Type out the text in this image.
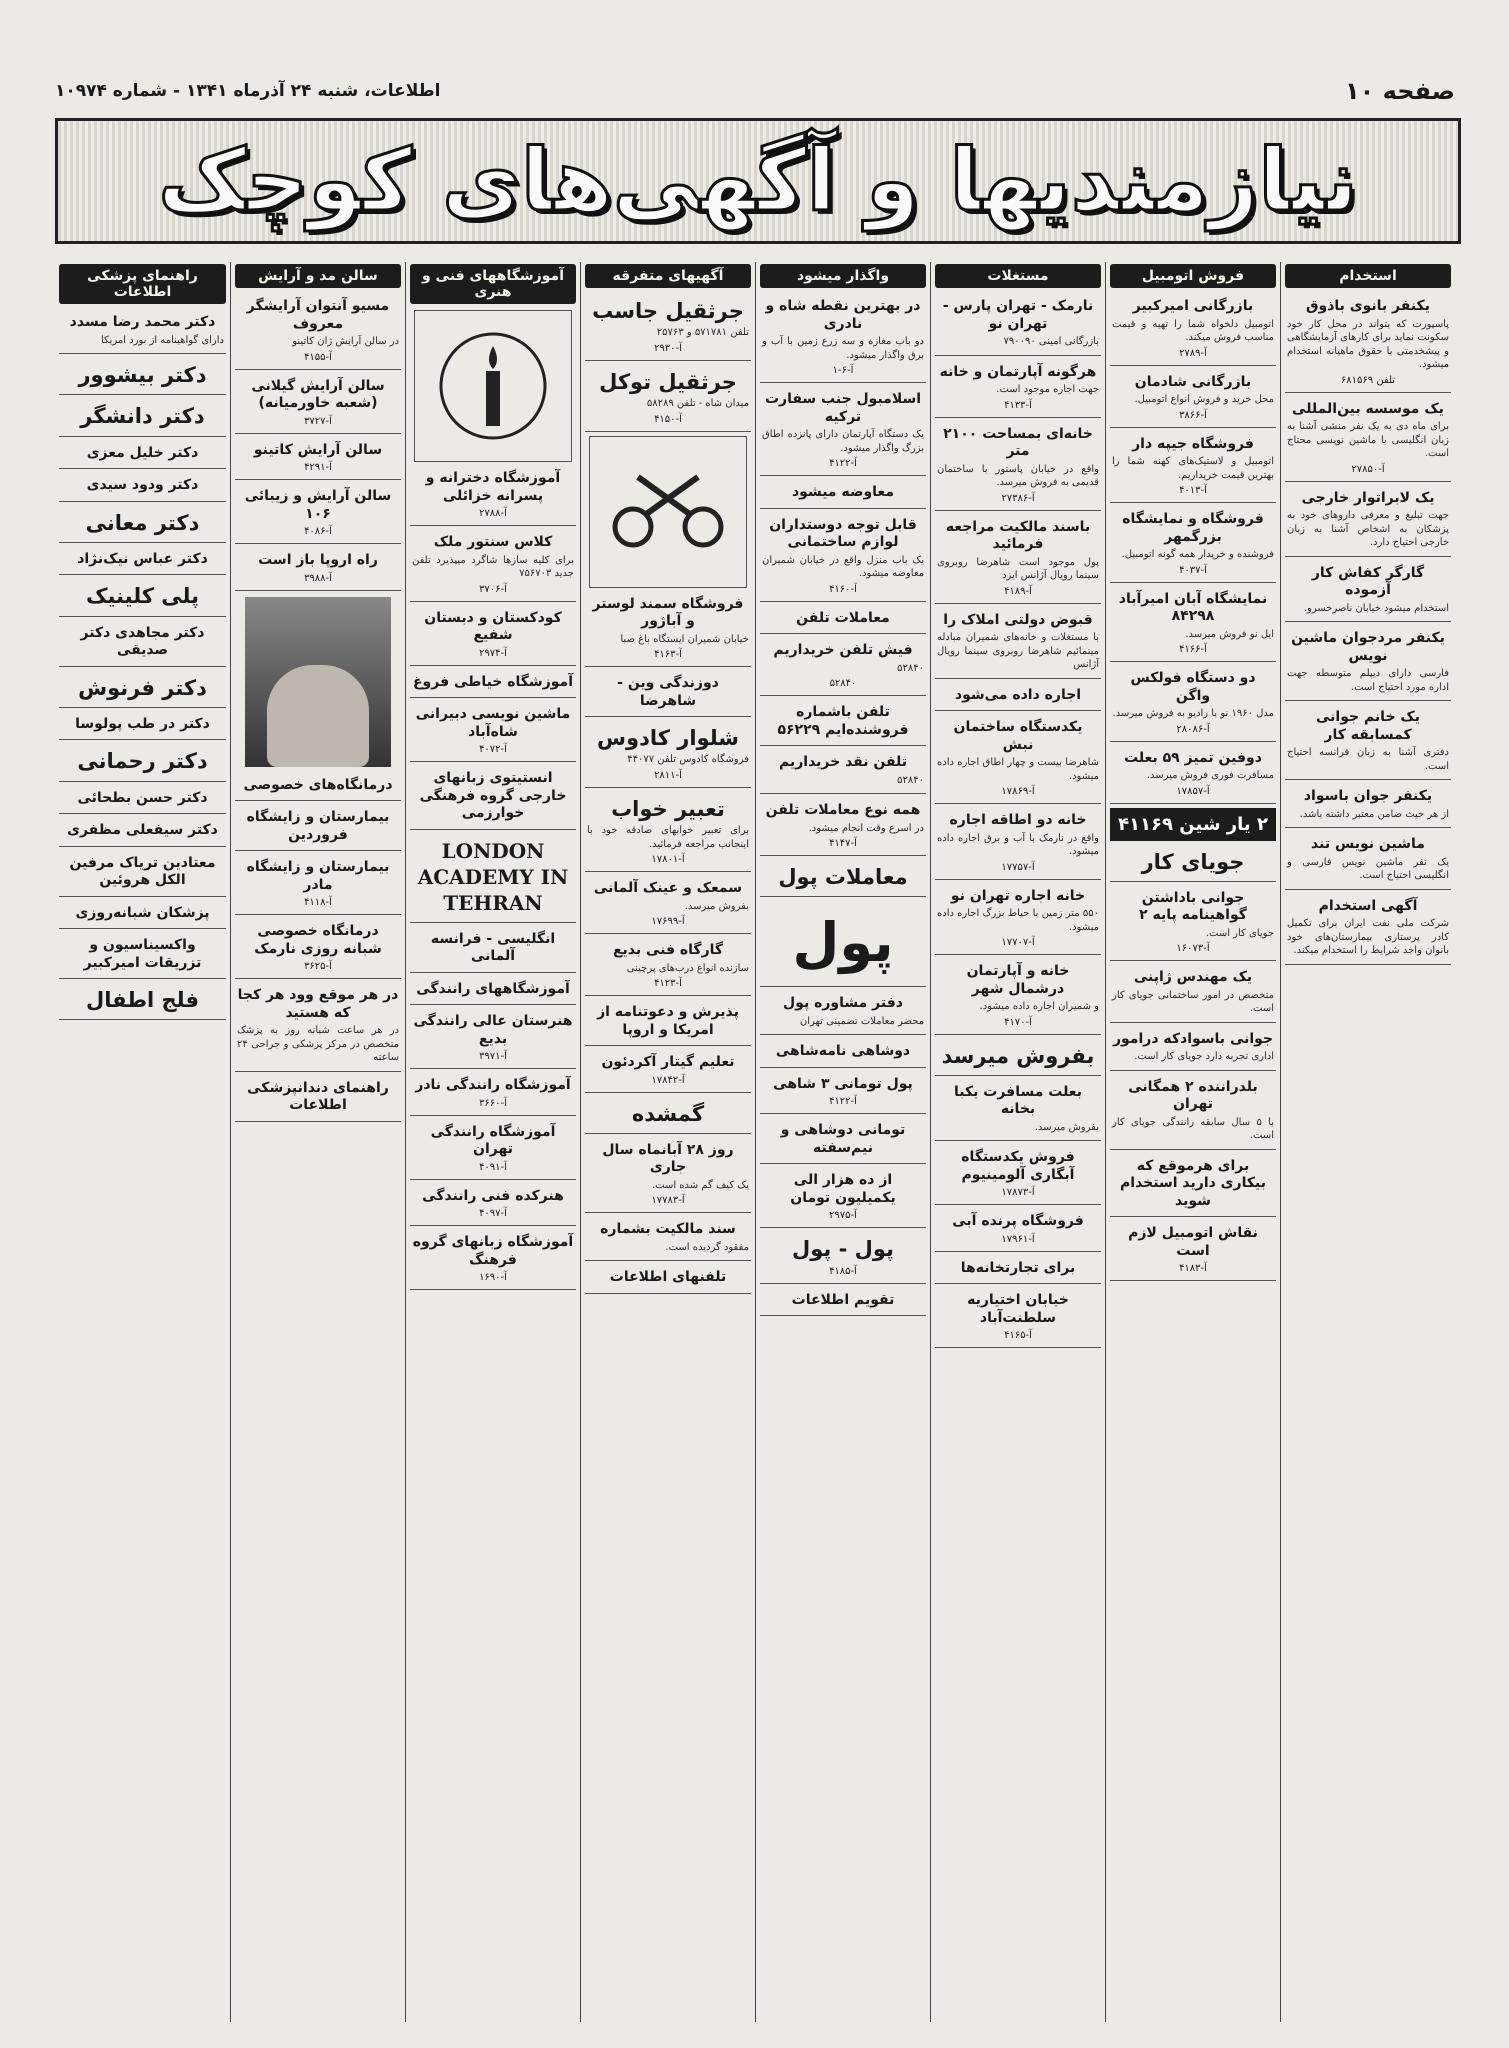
صفحه ۱۰
اطلاعات، شنبه ۲۴ آذرماه ۱۳۴۱ - شماره ۱۰۹۷۴
نیازمندیها و آگهی‌های کوچک
استخدام
یکنفر بانوی باذوق
پاسپورت که بتواند در محل کار خود سکونت نماید برای کارهای آزمایشگاهی و پیشخدمتی با حقوق ماهیانه استخدام میشود.
تلفن ۶۸۱۵۶۹
یک موسسه بین‌المللی
برای ماه دی به یک نفر منشی آشنا به زبان انگلیسی با ماشین نویسی محتاج است.
آ-۲۷۸۵۰
یک لابراتوار خارجی
جهت تبلیغ و معرفی داروهای خود به پزشکان به اشخاص آشنا به زبان خارجی احتیاج دارد.
گارگر کفاش کار آزموده
استخدام میشود خیابان ناصرخسرو.
یکنفر مردجوان ماشین نویس
فارسی دارای دیپلم متوسطه جهت اداره مورد احتیاج است.
یک خانم جوانی کمسابقه کار
دفتری آشنا به زبان فرانسه احتیاج است.
یکنفر جوان باسواد
از هر حیث ضامن معتبر داشته باشد.
ماشین نویس تند
یک نفر ماشین نویس فارسی و انگلیسی احتیاج است.
آگهی استخدام
شرکت ملی نفت ایران برای تکمیل کادر پرستاری بیمارستان‌های خود بانوان واجد شرایط را استخدام میکند.
فروش اتومبیل
بازرگانی امیرکبیر
اتومبیل دلخواه شما را تهیه و قیمت مناسب فروش میکند.
آ-۲۷۸۹
بازرگانی شادمان
محل خرید و فروش انواع اتومبیل.
آ-۳۸۶۶
فروشگاه جیپه دار
اتومبیل و لاستیک‌های کهنه شما را بهترین قیمت خریداریم.
آ-۴۰۱۳
فروشگاه و نمایشگاه بزرگمهر
فروشنده و خریدار همه گونه اتومبیل.
آ-۴۰۳۷
نمایشگاه آبان امیرآباد ۸۴۲۹۸
ایل نو فروش میرسد.
آ-۴۱۶۶
دو دستگاه فولکس واگن
مدل ۱۹۶۰ نو با رادیو به فروش میرسد.
آ-۲۸۰۸۶
دوفین تمیز ۵۹ بعلت
مسافرت فوری فروش میرسد.
آ-۱۷۸۵۷
۲ یار شین ۴۱۱۶۹
جویای کار
جوانی باداشتن گواهینامه پایه ۲
جویای کار است.
آ-۱۶۰۷۳
یک مهندس ژاپنی
متخصص در امور ساختمانی جویای کار است.
جوانی باسوادکه درامور
اداری تجربه دارد جویای کار است.
بلدراننده ۲ همگانی تهران
با ۵ سال سابقه رانندگی جویای کار است.
برای هرموقع که بیکاری دارید استخدام شوید
نقاش اتومبیل لازم است
آ-۴۱۸۳
مستغلات
نارمک - تهران پارس - تهران نو
بازرگانی امینی ۷۹۰۰۹۰
هرگونه آپارتمان و خانه
جهت اجاره موجود است.
آ-۴۱۳۳
خانه‌ای بمساحت ۲۱۰۰ متر
واقع در خیابان پاستور با ساختمان قدیمی به فروش میرسد.
آ-۲۷۳۸۶
باسند مالکیت مراجعه فرمائید
پول موجود است شاهرضا روبروی سینما رویال آژانس ایزد
آ-۴۱۸۹
قبوض دولتی املاک را
با مستغلات و خانه‌های شمیران مبادله مینمائیم شاهرضا روبروی سینما رویال آژانس
اجاره داده می‌شود
یکدستگاه ساختمان نبش
شاهرضا بیست و چهار اطاق اجاره داده میشود.
آ-۱۷۸۶۹
خانه دو اطاقه اجاره
واقع در نارمک با آب و برق اجاره داده میشود.
آ-۱۷۷۵۷
خانه اجاره تهران نو
۵۵۰ متر زمین با حیاط بزرگ اجاره داده میشود.
آ-۱۷۷۰۷
خانه و آپارتمان درشمال شهر
و شمیران اجاره داده میشود.
آ-۴۱۷۰
بفروش میرسد
بعلت مسافرت یکبا بخانه
بفروش میرسد.
فروش یکدستگاه آبگاری آلومینیوم
آ-۱۷۸۷۳
فروشگاه پرنده آبی
آ-۱۷۹۶۱
برای تجارتخانه‌ها
خیابان اختیاریه سلطنت‌آباد
آ-۴۱۶۵
واگذار میشود
در بهترین نقطه شاه و نادری
دو باب مغازه و سه زرع زمین با آب و برق واگذار میشود.
آ-۶-۱
اسلامبول جنب سفارت ترکیه
یک دستگاه آپارتمان دارای پانزده اطاق بزرگ واگذار میشود.
آ-۴۱۲۲
معاوضه میشود
قابل توجه دوستداران لوازم ساختمانی
یک باب منزل واقع در خیابان شمیران معاوضه میشود.
آ-۴۱۶۰
معاملات تلفن
فیش تلفن خریداریم
۵۲۸۴۰
۵۲۸۴۰
تلفن باشماره فروشنده‌ایم ۵۶۲۲۹
تلفن نقد خریداریم
۵۲۸۴۰
همه نوع معاملات تلفن
در اسرع وقت انجام میشود.
آ-۴۱۴۷
معاملات پول
پول
دفتر مشاوره پول
محضر معاملات تضمینی تهران
دوشاهی نامه‌شاهی
پول تومانی ۳ شاهی
آ-۴۱۲۲
تومانی دوشاهی و نیم‌سفته
از ده هزار الی یکمیلیون تومان
آ-۲۹۷۵
پول - پول
آ-۴۱۸۵
تقویم اطلاعات
آگهیهای متفرقه
جرثقیل جاسب
تلفن ۵۷۱۷۸۱ و ۲۵۷۶۳
آ-۲۹۳۰
جرثقیل توکل
میدان شاه - تلفن ۵۸۲۸۹
آ-۴۱۵۰
فروشگاه سمند لوستر و آباژور
خیابان شمیران ایستگاه باغ صبا
آ-۴۱۶۳
دوزندگی وین - شاهرضا
شلوار کادوس
فروشگاه کادوس تلفن ۴۴۰۷۷
آ-۲۸۱۱
تعبیر خواب
برای تعبیر خوابهای صادقه خود با اینجانب مراجعه فرمائید.
آ-۱۷۸۰۱
سمعک و عینک آلمانی
بفروش میرسد.
آ-۱۷۶۹۹
گارگاه فنی بدیع
سازنده انواع درب‌های پرچینی
آ-۴۱۲۳
پذیرش و دعوتنامه از امریکا و اروپا
تعلیم گیتار آکردئون
آ-۱۷۸۴۲
گمشده
روز ۲۸ آبانماه سال جاری
یک کیف گم شده است.
آ-۱۷۷۸۳
سند مالکیت بشماره
مفقود گردیده است.
تلفنهای اطلاعات
آموزشگاههای فنی و هنری
آموزشگاه دخترانه و پسرانه خزائلی
آ-۲۷۸۸
کلاس سنتور ملک
برای کلیه سازها شاگرد میپذیرد تلفن جدید ۷۵۶۷۰۳
آ-۳۷۰۶
کودکستان و دبستان شفیع
آ-۲۹۷۴
آموزشگاه خیاطی فروغ
ماشین نویسی دبیرانی شاه‌آباد
آ-۴۰۷۲
انستیتوی زبانهای خارجی گروه فرهنگی خوارزمی
LONDON ACADEMY IN TEHRAN
انگلیسی - فرانسه آلمانی
آموزشگاههای رانندگی
هنرستان عالی رانندگی بدیع
آ-۳۹۷۱
آموزشگاه رانندگی نادر
آ-۳۶۶۰
آموزشگاه رانندگی تهران
آ-۴۰۹۱
هنرکده فنی رانندگی
آ-۴۰۹۷
آموزشگاه زبانهای گروه فرهنگ
آ-۱۶۹۰
سالن مد و آرایش
مسیو آنتوان آرایشگر معروف
در سالن آرایش ژان کاتینو
آ-۴۱۵۵
سالن آرایش گیلانی (شعبه خاورمیانه)
آ-۳۷۲۷
سالن آرایش کاتینو
آ-۴۲۹۱
سالن آرایش و زیبائی ۱۰۶
آ-۴۰۸۶
راه اروپا باز است
آ-۳۹۸۸
درمانگاه‌های خصوصی
بیمارستان و زایشگاه فروردین
بیمارستان و زایشگاه مادر
آ-۴۱۱۸
درمانگاه خصوصی شبانه روزی نارمک
آ-۳۶۲۵
در هر موقع وود هر کجا که هستید
در هر ساعت شبانه روز به پزشک متخصص در مرکز پزشکی و جراحی ۲۴ ساعته
راهنمای دندانپزشکی اطلاعات
راهنمای پزشکی اطلاعات
دکتر محمد رضا مسدد
دارای گواهینامه از بورد امریکا
دکتر بیشوور
دکتر دانشگر
دکتر خلیل معزی
دکتر ودود سیدی
دکتر معانی
دکتر عباس نیک‌نژاد
پلی کلینیک
دکتر مجاهدی دکتر صدیقی
دکتر فرنوش
دکتر در طب پولوسا
دکتر رحمانی
دکتر حسن بطحائی
دکتر سیفعلی مظفری
معتادین تریاک مرفین الکل هروئین
پزشکان شبانه‌روزی
واکسیناسیون و تزریقات امیرکبیر
فلج اطفال
